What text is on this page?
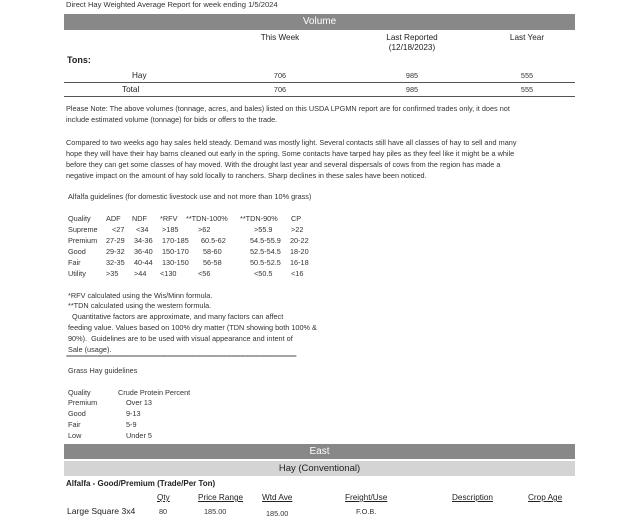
Direct Hay Weighted Average Report for week ending 1/5/2024
Volume
This Week	Last Reported
(12/18/2023)
Last Year
Tons:
Hay	706	985	555
Total	706	985	555
Please Note: The above volumes (tonnage, acres, and bales) listed on this USDA LPGMN report are for confirmed trades only, it does not
include estimated volume (tonnage) for bids or offers to the trade.
Compared to two weeks ago hay sales held steady. Demand was mostly light. Several contacts still have all classes of hay to sell and many
hope they will have their hay barns cleaned out early in the spring. Some contacts have tarped hay piles as they feel like it might be a while
before they can get some classes of hay moved. With the drought last year and several dispersals of cows from the region has made a
negative impact on the amount of hay sold locally to ranchers. Sharp declines in these sales have been noticed.
Alfalfa guidelines (for domestic livestock use and not more than 10% grass)
Quality ADF NDF *RFV **TDN-100% **TDN-90% CP
Supreme <27 <34 >185	>62	>55.9	>22
Premium 27-29 34-36 170-185 60.5-62	54.5-55.9 20-22
Good	29-32 36-40 150-170 58-60	52.5-54.5 18-20
Fair	32-35 40-44 130-150 56-58	50.5-52.5 16-18
Utility	>35 >44 <130	<56	<50.5	<16
*RFV calculated using the Wis/Minn formula.
**TDN calculated using the western formula.
Quantitative factors are approximate, and many factors can affect
feeding value. Values based on 100% dry matter (TDN showing both 100% &
90%).  Guidelines are to be used with visual appearance and intent of
Sale (usage).
==================================================================================
Grass Hay guidelines
Quality	Crude Protein Percent
Premium	Over 13
Good	9-13
Fair	5-9
Low	Under 5
East
Hay (Conventional)
Alfalfa - Good/Premium (Trade/Per Ton)
Qty	Price Range Wtd Ave	Freight/Use	Description	Crop Age
Large Square 3x4	80	185.00	185.00	F.O.B.
